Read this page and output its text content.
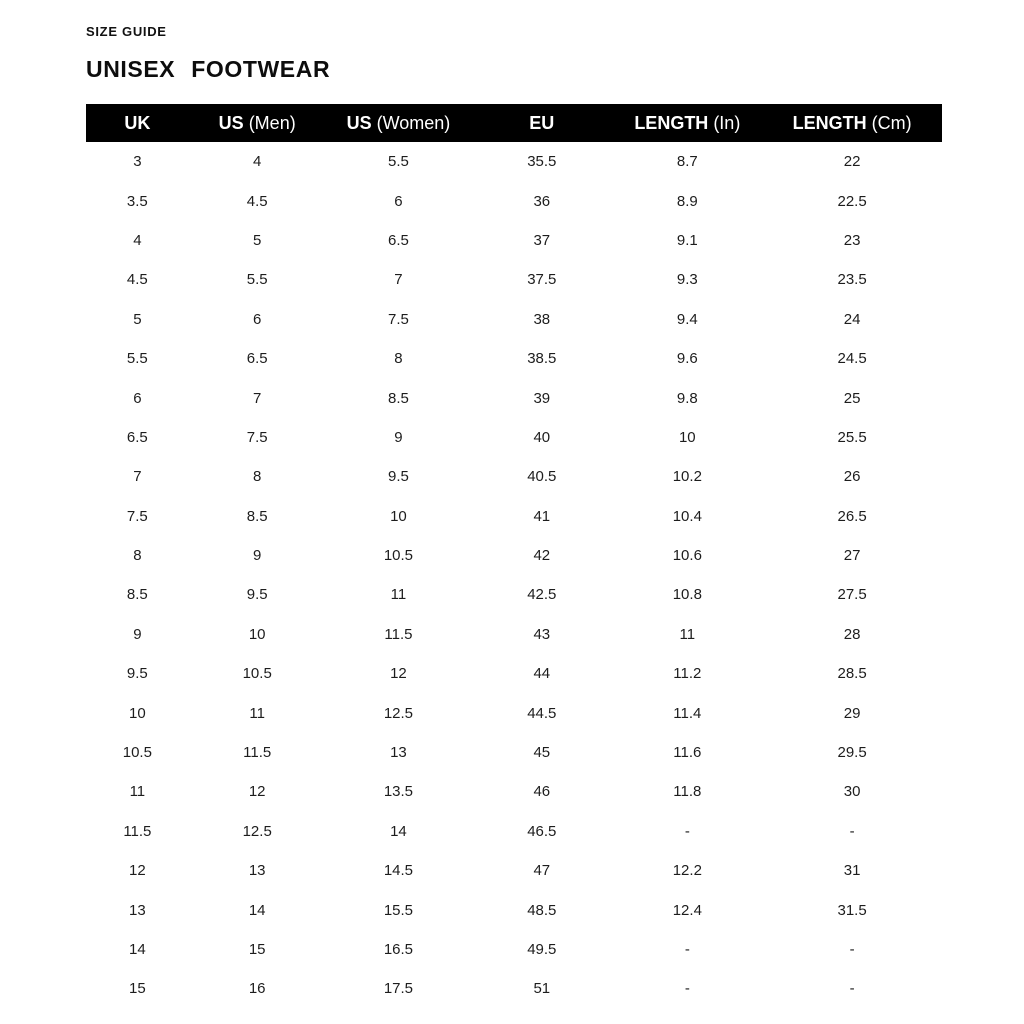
SIZE GUIDE
UNISEX FOOTWEAR
UK	US (Men)	US (Women)	EU	LENGTH (In)	LENGTH (Cm)
3	4	5.5	35.5	8.7	22
3.5	4.5	6	36	8.9	22.5
4	5	6.5	37	9.1	23
4.5	5.5	7	37.5	9.3	23.5
5	6	7.5	38	9.4	24
5.5	6.5	8	38.5	9.6	24.5
6	7	8.5	39	9.8	25
6.5	7.5	9	40	10	25.5
7	8	9.5	40.5	10.2	26
7.5	8.5	10	41	10.4	26.5
8	9	10.5	42	10.6	27
8.5	9.5	11	42.5	10.8	27.5
9	10	11.5	43	11	28
9.5	10.5	12	44	11.2	28.5
10	11	12.5	44.5	11.4	29
10.5	11.5	13	45	11.6	29.5
11	12	13.5	46	11.8	30
11.5	12.5	14	46.5	-	-
12	13	14.5	47	12.2	31
13	14	15.5	48.5	12.4	31.5
14	15	16.5	49.5	-	-
15	16	17.5	51	-	-
